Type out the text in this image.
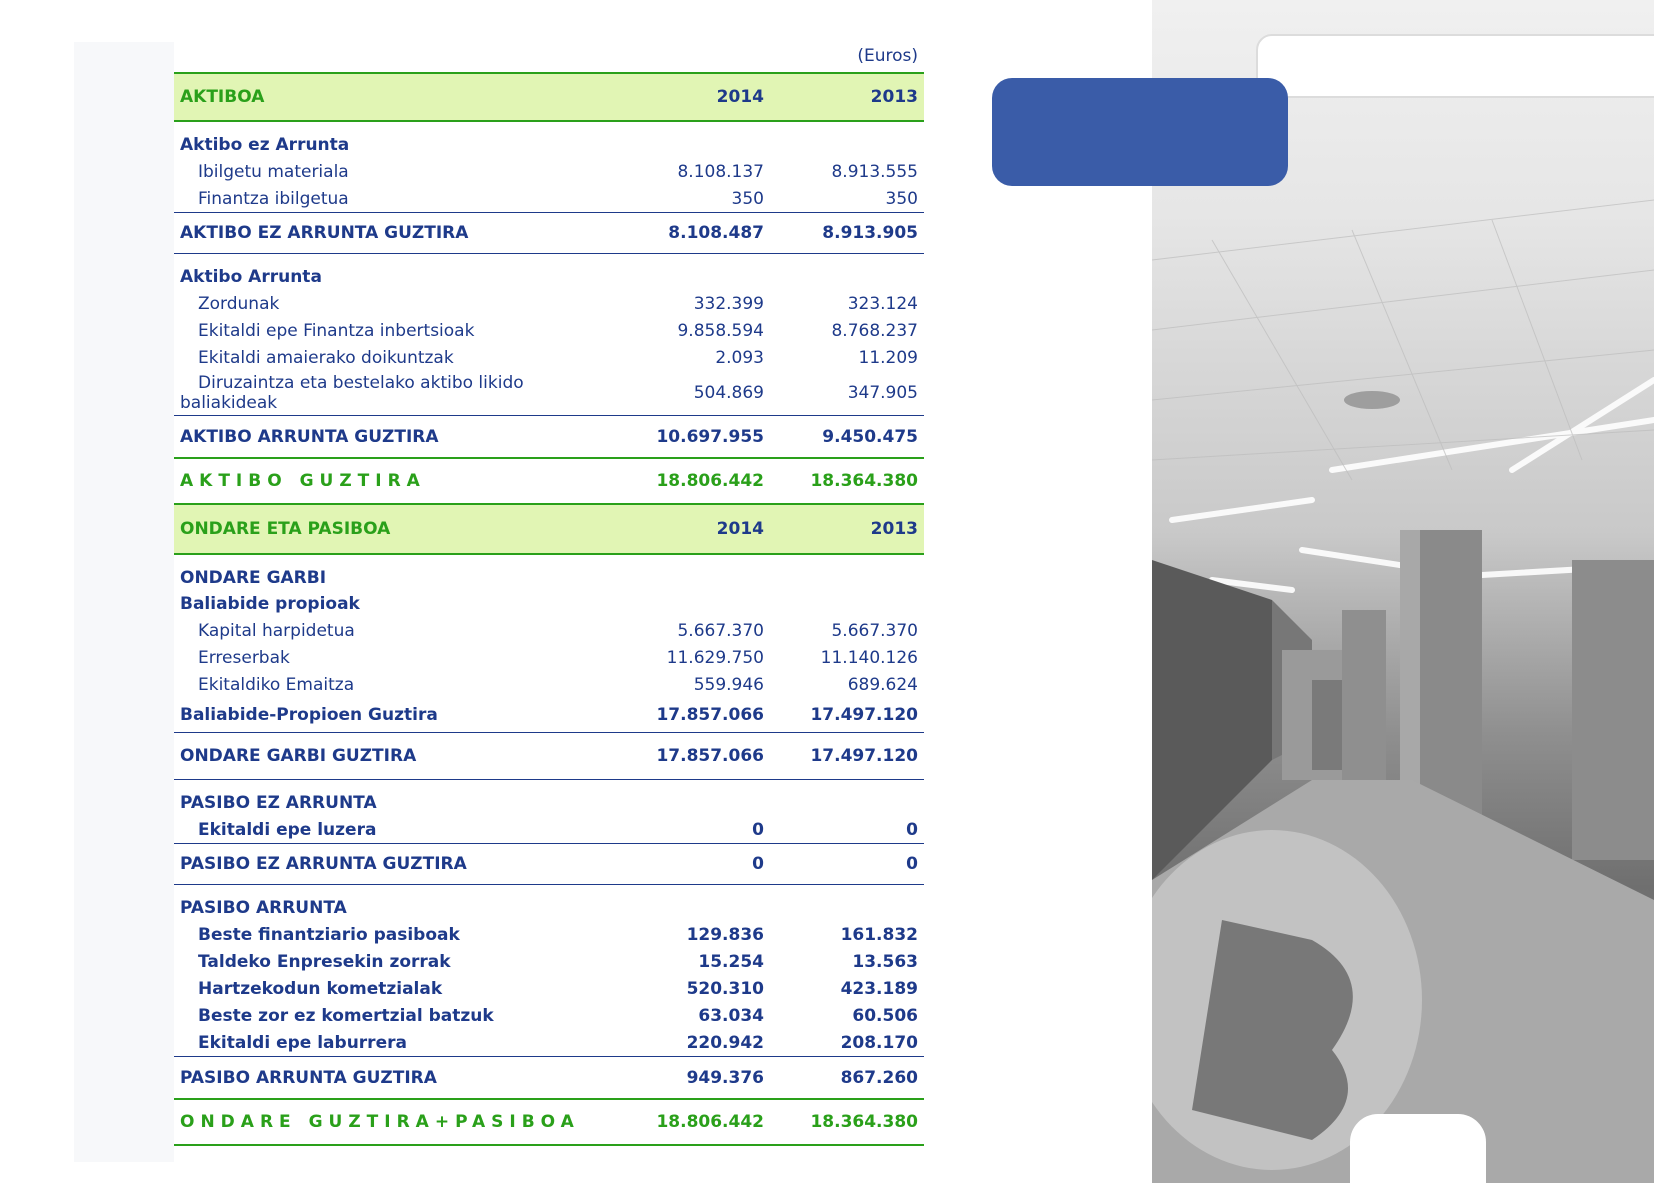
(Euros)
AKTIBOA	2014	2013
Aktibo ez Arrunta
Ibilgetu materiala	8.108.137	8.913.555
Finantza ibilgetua	350	350
AKTIBO EZ ARRUNTA GUZTIRA	8.108.487	8.913.905
Aktibo Arrunta
Zordunak	332.399	323.124
Ekitaldi epe Finantza inbertsioak	9.858.594	8.768.237
Ekitaldi amaierako doikuntzak	2.093	11.209
Diruzaintza eta bestelako aktibo likido
baliakideak	504.869	347.905
AKTIBO ARRUNTA GUZTIRA	10.697.955	9.450.475
AKTIBO GUZTIRA	18.806.442	18.364.380
ONDARE ETA PASIBOA	2014	2013
ONDARE GARBI
Baliabide propioak
Kapital harpidetua	5.667.370	5.667.370
Erreserbak	11.629.750	11.140.126
Ekitaldiko Emaitza	559.946	689.624
Baliabide-Propioen Guztira	17.857.066	17.497.120
ONDARE GARBI GUZTIRA	17.857.066	17.497.120
PASIBO EZ ARRUNTA
Ekitaldi epe luzera	0	0
PASIBO EZ ARRUNTA GUZTIRA	0	0
PASIBO ARRUNTA
Beste finantziario pasiboak	129.836	161.832
Taldeko Enpresekin zorrak	15.254	13.563
Hartzekodun kometzialak	520.310	423.189
Beste zor ez komertzial batzuk	63.034	60.506
Ekitaldi epe laburrera	220.942	208.170
PASIBO ARRUNTA GUZTIRA	949.376	867.260
ONDARE GUZTIRA+PASIBOA	18.806.442	18.364.380
